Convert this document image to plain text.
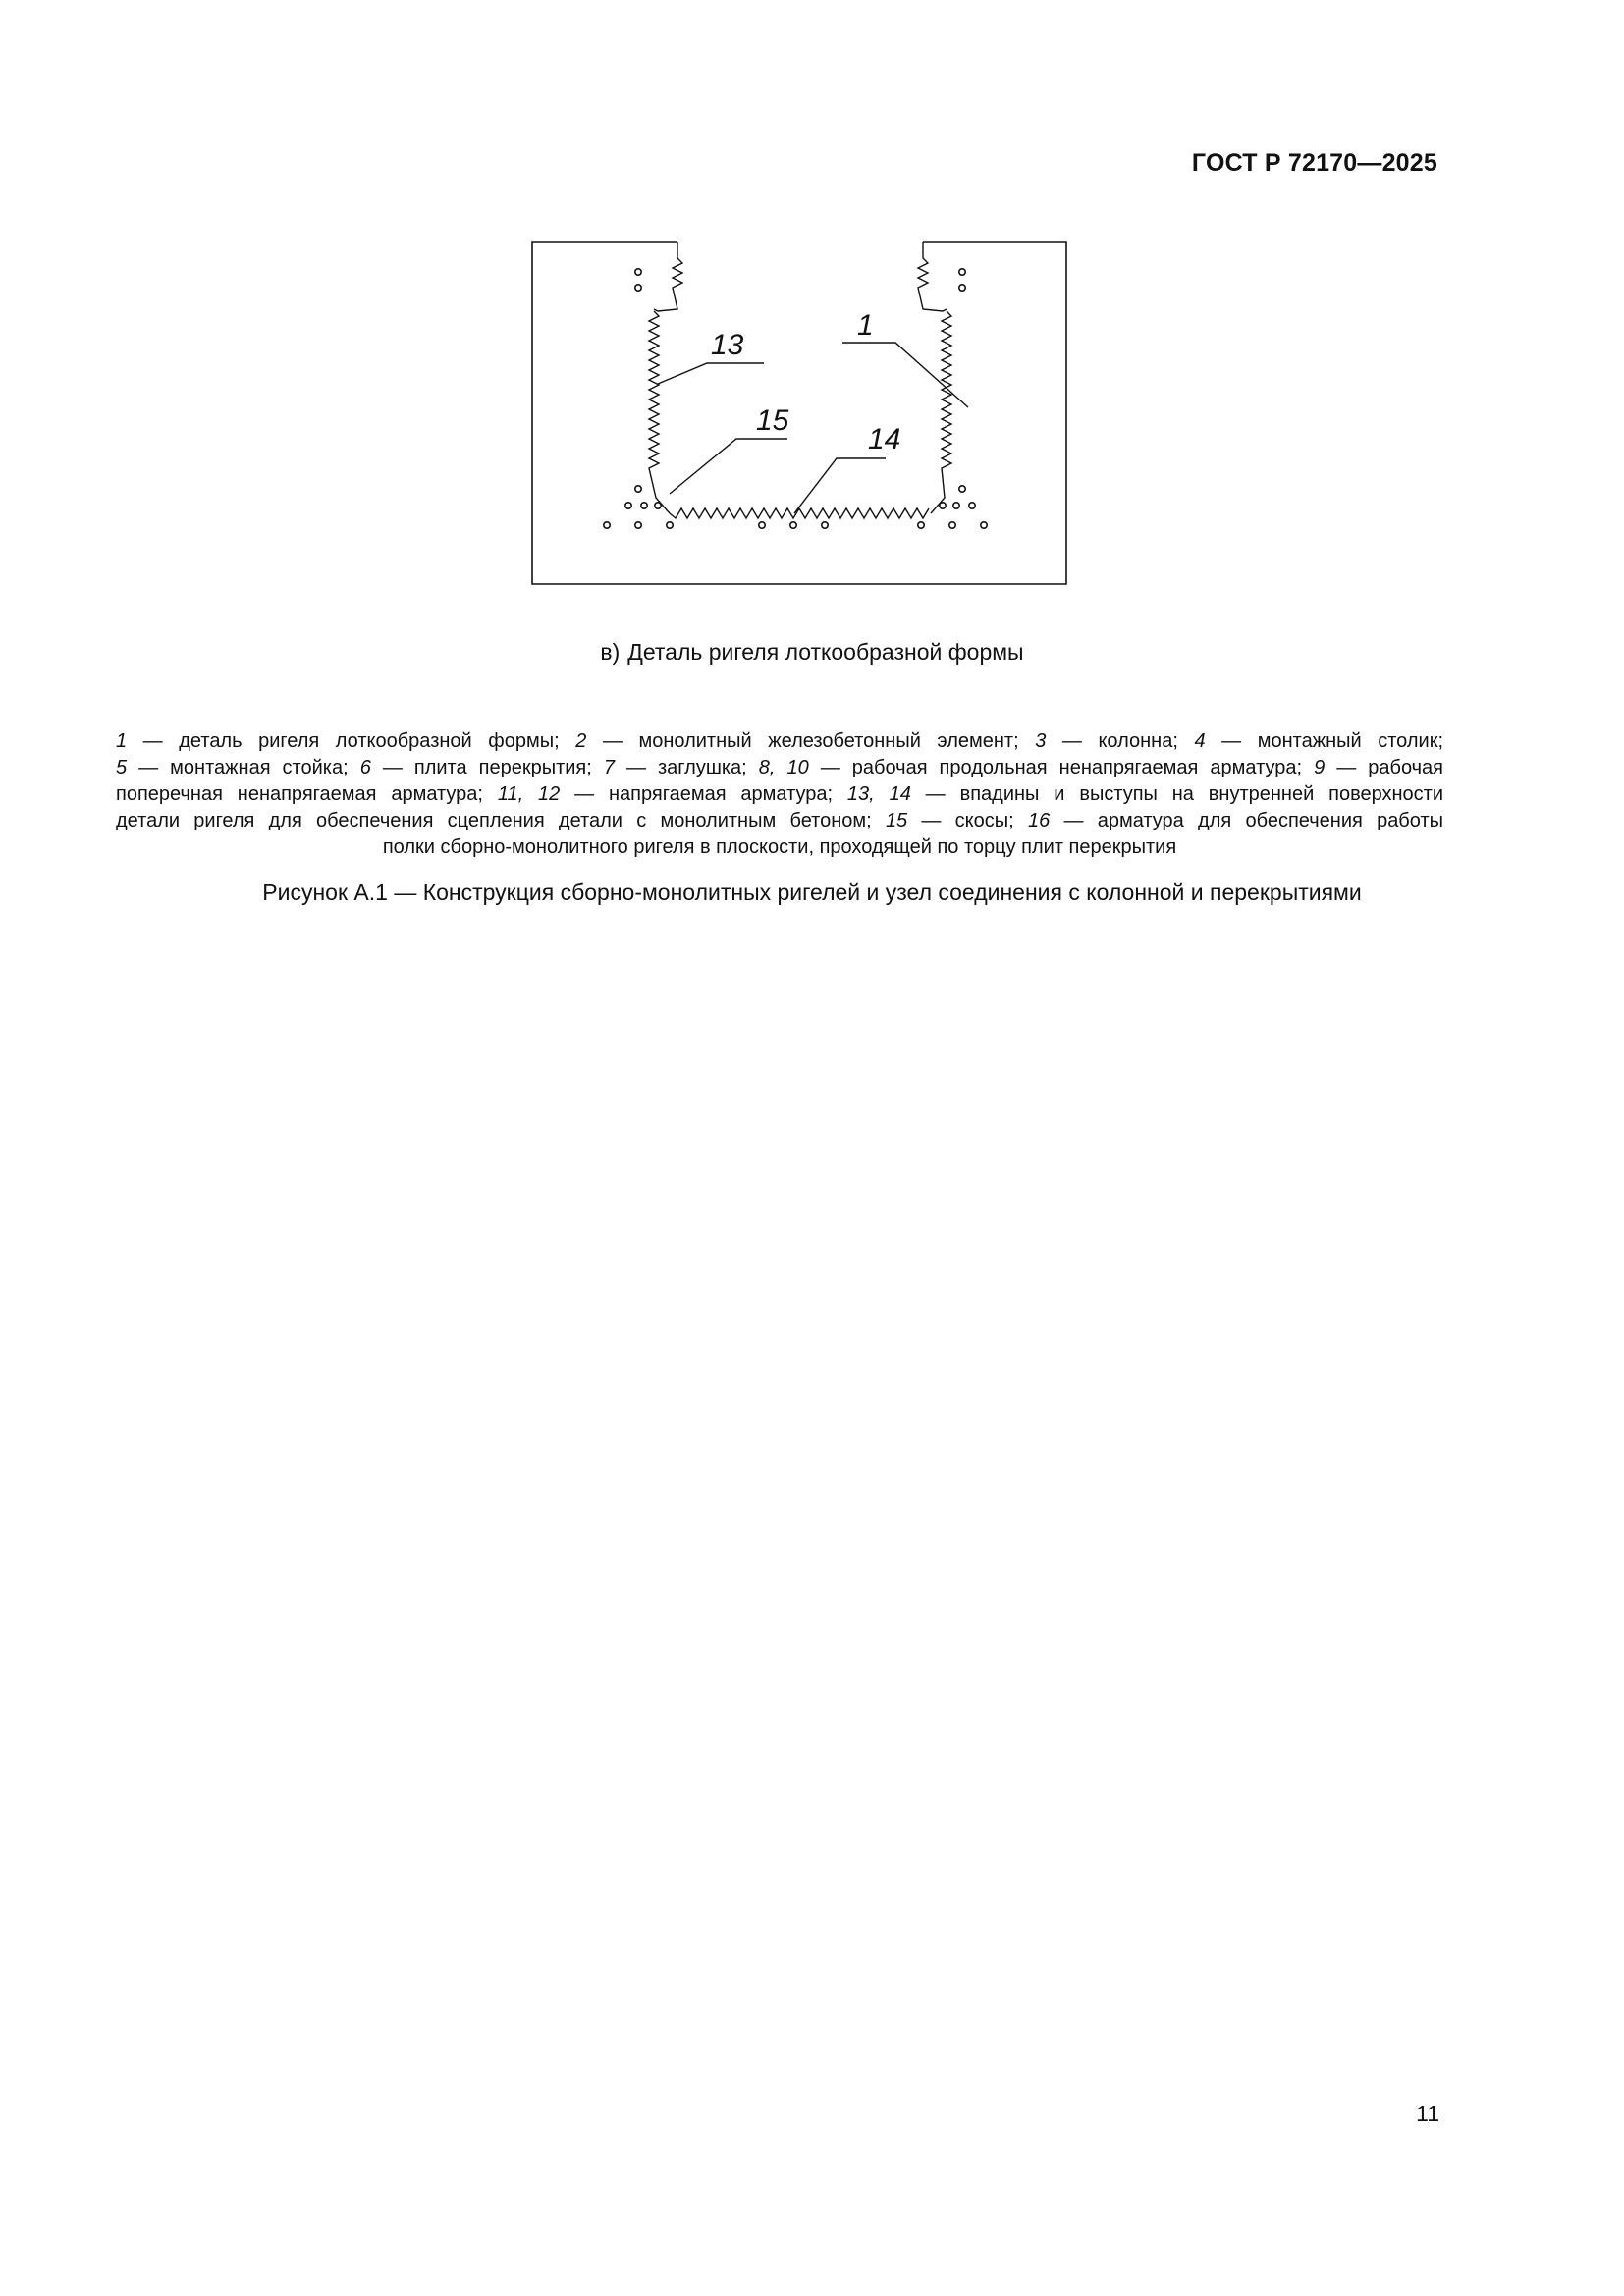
ГОСТ Р 72170—2025
13
1
15
14
в) Деталь ригеля лоткообразной формы
1 — деталь ригеля лоткообразной формы; 2 — монолитный железобетонный элемент; 3 — колонна; 4 — монтажный столик;
5 — монтажная стойка; 6 — плита перекрытия; 7 — заглушка; 8, 10 — рабочая продольная ненапрягаемая арматура; 9 — рабочая
поперечная ненапрягаемая арматура; 11, 12 — напрягаемая арматура; 13, 14 — впадины и выступы на внутренней поверхности
детали ригеля для обеспечения сцепления детали с монолитным бетоном; 15 — скосы; 16 — арматура для обеспечения работы
полки сборно-монолитного ригеля в плоскости, проходящей по торцу плит перекрытия
Рисунок А.1 — Конструкция сборно-монолитных ригелей и узел соединения с колонной и перекрытиями
11
